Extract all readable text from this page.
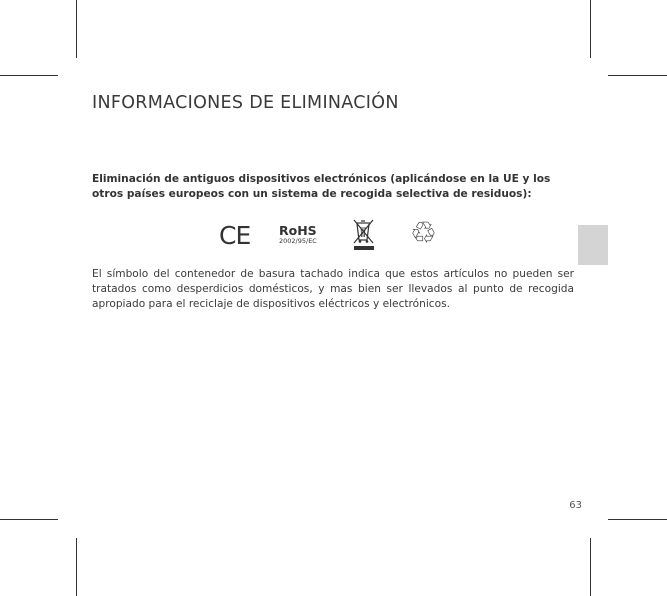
INFORMACIONES DE ELIMINACIÓN
Eliminación de antiguos dispositivos electrónicos (aplicándose en la UE y los otros países europeos con un sistema de recogida selectiva de residuos):
CE RoHS
2002/95/EC	♲
El símbolo del contenedor de basura tachado indica que estos artículos no pueden ser tratados como desperdicios domésticos, y mas bien ser llevados al punto de recogida apropiado para el reciclaje de dispositivos eléctricos y electrónicos.
63
